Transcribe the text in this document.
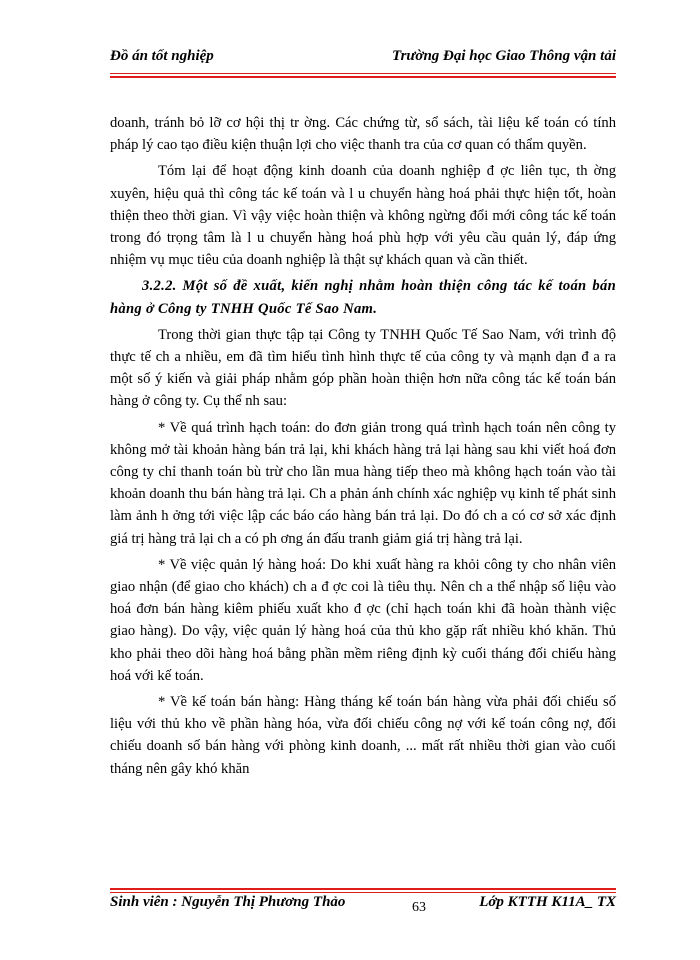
Đồ án tốt nghiệp	Trường Đại học Giao Thông vận tải

doanh, tránh bỏ lỡ cơ hội thị tr ờng. Các chứng từ, sổ sách, tài liệu kế toán có tính pháp lý cao tạo điều kiện thuận lợi cho việc thanh tra của cơ quan có thẩm quyền.

Tóm lại để hoạt động kinh doanh của doanh nghiệp đ ợc liên tục, th ờng xuyên, hiệu quả thì công tác kế toán và l u chuyển hàng hoá phải thực hiện tốt, hoàn thiện theo thời gian. Vì vậy việc hoàn thiện và không ngừng đổi mới công tác kế toán trong đó trọng tâm là l u chuyển hàng hoá phù hợp với yêu cầu quản lý, đáp ứng nhiệm vụ mục tiêu của doanh nghiệp là thật sự khách quan và cần thiết.

3.2.2. Một số đề xuất, kiến nghị nhằm hoàn thiện công tác kế toán bán hàng ở Công ty TNHH Quốc Tế Sao Nam.

Trong thời gian thực tập tại Công ty TNHH Quốc Tế Sao Nam, với trình độ thực tế ch a nhiều, em đã tìm hiểu tình hình thực tế của công ty và mạnh dạn đ a ra một số ý kiến và giải pháp nhằm góp phần hoàn thiện hơn nữa công tác kế toán bán hàng ở công ty. Cụ thể nh sau:

* Về quá trình hạch toán: do đơn giản trong quá trình hạch toán nên công ty không mở tài khoản hàng bán trả lại, khi khách hàng trả lại hàng sau khi viết hoá đơn công ty chỉ thanh toán bù trừ cho lần mua hàng tiếp theo mà không hạch toán vào tài khoản doanh thu bán hàng trả lại. Ch a phản ánh chính xác nghiệp vụ kinh tế phát sinh làm ảnh h ởng tới việc lập các báo cáo hàng bán trả lại. Do đó ch a có cơ sở xác định giá trị hàng trả lại ch a có ph ơng án đấu tranh giảm giá trị hàng trả lại.

* Về việc quản lý hàng hoá: Do khi xuất hàng ra khỏi công ty cho nhân viên giao nhận (để giao cho khách) ch a đ ợc coi là tiêu thụ. Nên ch a thể nhập số liệu vào hoá đơn bán hàng kiêm phiếu xuất kho đ ợc (chỉ hạch toán khi đã hoàn thành việc giao hàng). Do vậy, việc quản lý hàng hoá của thủ kho gặp rất nhiều khó khăn. Thủ kho phải theo dõi hàng hoá bằng phần mềm riêng định kỳ cuối tháng đối chiếu hàng hoá với kế toán.

* Về kế toán bán hàng: Hàng tháng kế toán bán hàng vừa phải đối chiếu số liệu với thủ kho về phần hàng hóa, vừa đối chiếu công nợ với kế toán công nợ, đối chiếu doanh số bán hàng với phòng kinh doanh, ... mất rất nhiều thời gian vào cuối tháng nên gây khó khăn

Sinh viên : Nguyễn Thị Phương Thảo	63	Lớp KTTH K11A_ TX
